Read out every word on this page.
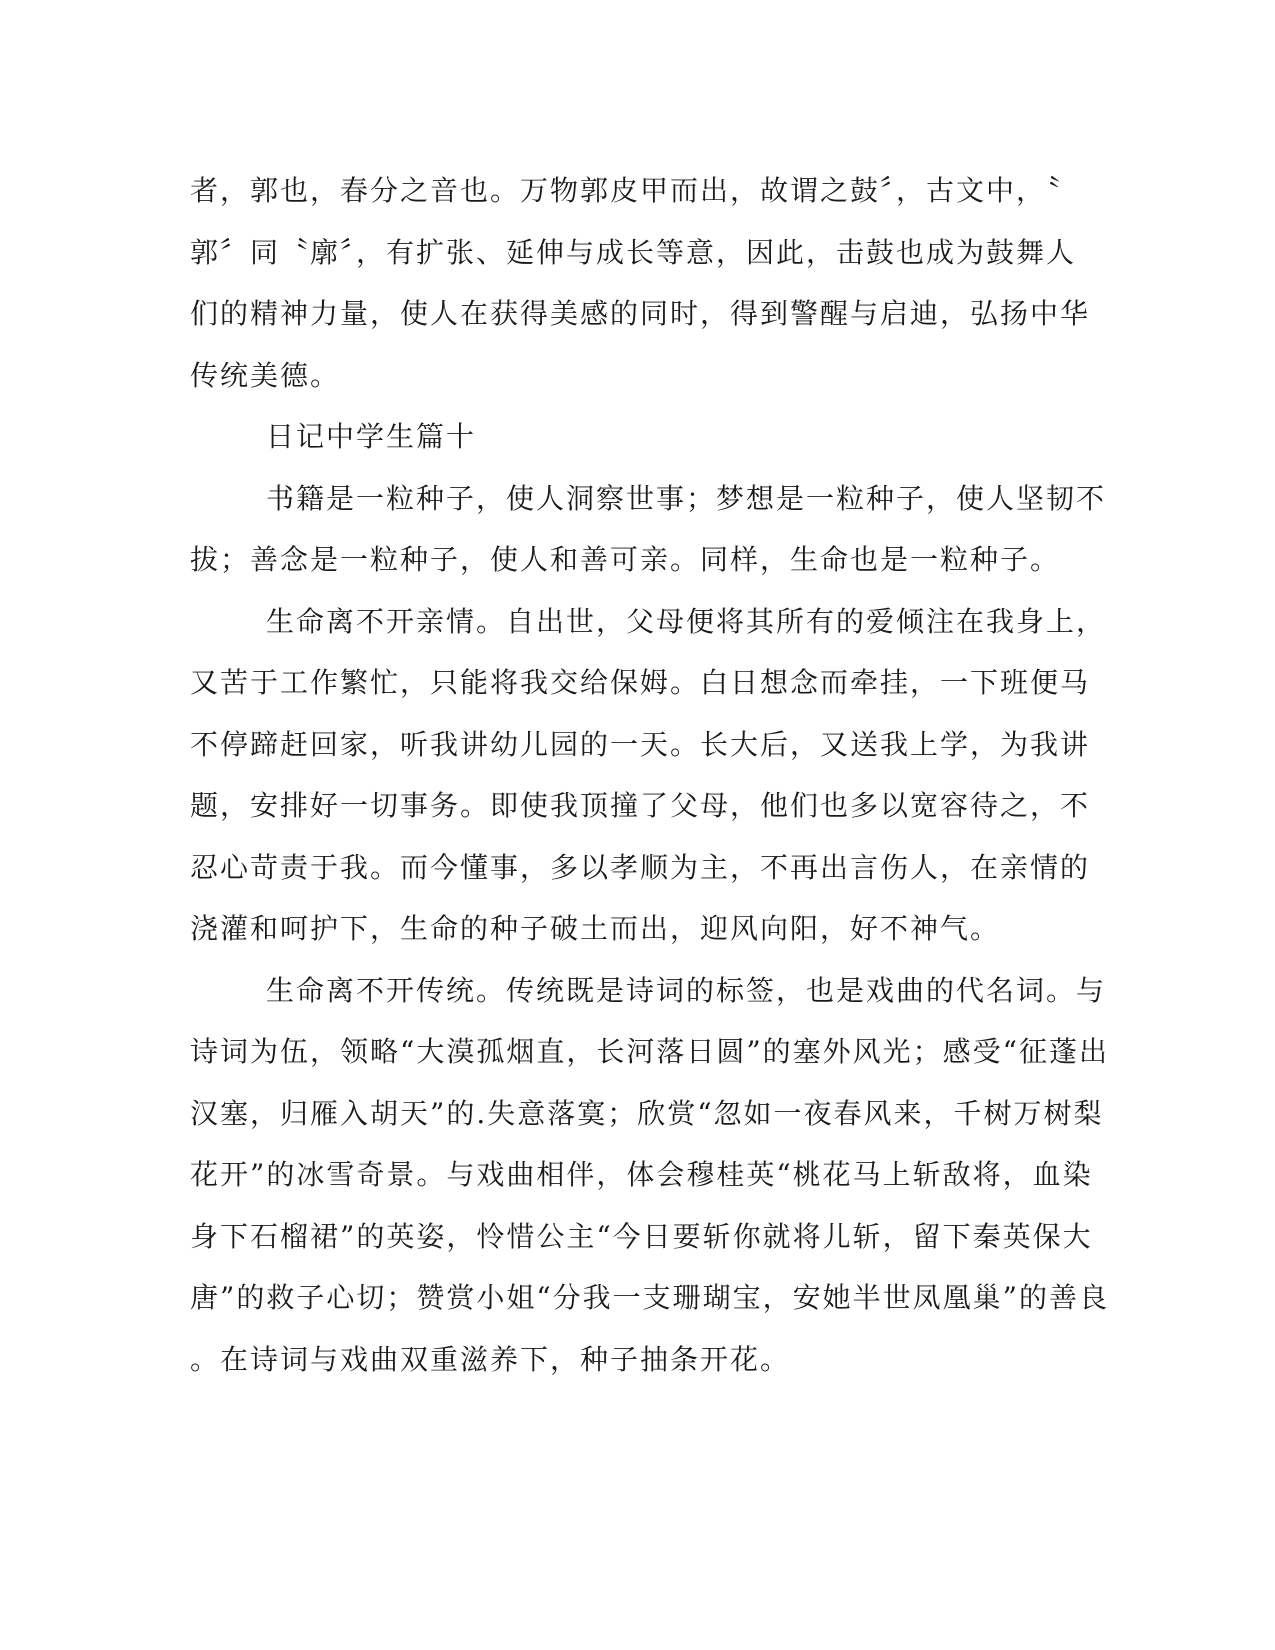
者，郭也，春分之音也。万物郭皮甲而出，故谓之鼓〞，古文中，〝
郭〞同〝廓〞，有扩张、延伸与成长等意，因此，击鼓也成为鼓舞人
们的精神力量，使人在获得美感的同时，得到警醒与启迪，弘扬中华
传统美德。
日记中学生篇十
书籍是一粒种子，使人洞察世事；梦想是一粒种子，使人坚韧不
拔；善念是一粒种子，使人和善可亲。同样，生命也是一粒种子。
生命离不开亲情。自出世，父母便将其所有的爱倾注在我身上，
又苦于工作繁忙，只能将我交给保姆。白日想念而牵挂，一下班便马
不停蹄赶回家，听我讲幼儿园的一天。长大后，又送我上学，为我讲
题，安排好一切事务。即使我顶撞了父母，他们也多以宽容待之，不
忍心苛责于我。而今懂事，多以孝顺为主，不再出言伤人，在亲情的
浇灌和呵护下，生命的种子破土而出，迎风向阳，好不神气。
生命离不开传统。传统既是诗词的标签，也是戏曲的代名词。与
诗词为伍，领略“大漠孤烟直，长河落日圆”的塞外风光；感受“征蓬出
汉塞，归雁入胡天”的.失意落寞；欣赏“忽如一夜春风来，千树万树梨
花开”的冰雪奇景。与戏曲相伴，体会穆桂英“桃花马上斩敌将，血染
身下石榴裙”的英姿，怜惜公主“今日要斩你就将儿斩，留下秦英保大
唐”的救子心切；赞赏小姐“分我一支珊瑚宝，安她半世凤凰巢”的善良
。在诗词与戏曲双重滋养下，种子抽条开花。
